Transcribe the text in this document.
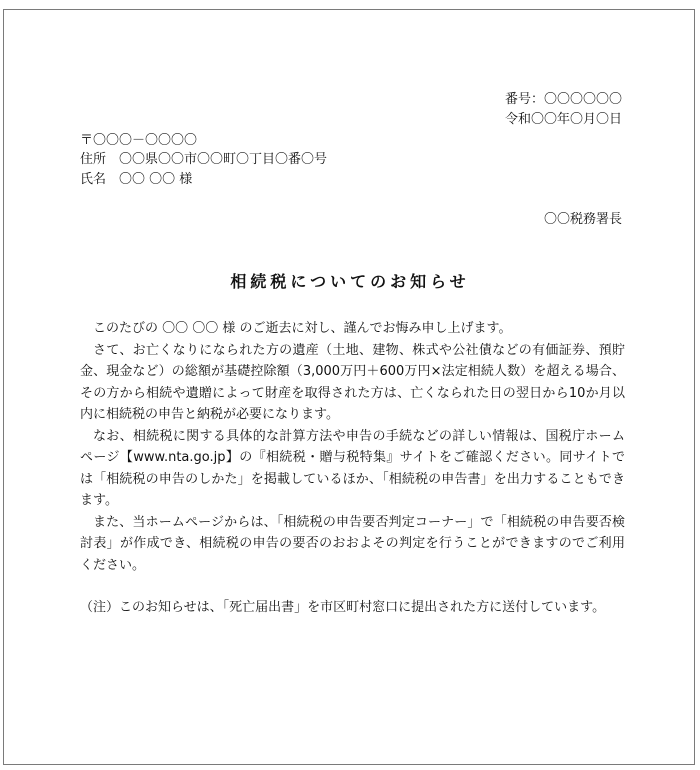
番号：〇〇〇〇〇〇
令和〇〇年〇月〇日
〒〇〇〇－〇〇〇〇
住所 〇〇県〇〇市〇〇町〇丁目〇番〇号
氏名 〇〇 〇〇 様
〇〇税務署長
相続税についてのお知らせ

このたびの 〇〇 〇〇 様 のご逝去に対し、謹んでお悔み申し上げます。

さて、お亡くなりになられた方の遺産（土地、建物、株式や公社債などの有価証券、預貯金、現金など）の総額が基礎控除額（3,000万円＋600万円×法定相続人数）を超える場合、その方から相続や遺贈によって財産を取得された方は、亡くなられた日の翌日から10か月以内に相続税の申告と納税が必要になります。

なお、相続税に関する具体的な計算方法や申告の手続などの詳しい情報は、国税庁ホームページ【www.nta.go.jp】の『相続税・贈与税特集』サイトをご確認ください。同サイトでは「相続税の申告のしかた」を掲載しているほか、「相続税の申告書」を出力することもできます。

また、当ホームページからは、「相続税の申告要否判定コーナー」で「相続税の申告要否検討表」が作成でき、相続税の申告の要否のおおよその判定を行うことができますのでご利用ください。

（注）このお知らせは、「死亡届出書」を市区町村窓口に提出された方に送付しています。
